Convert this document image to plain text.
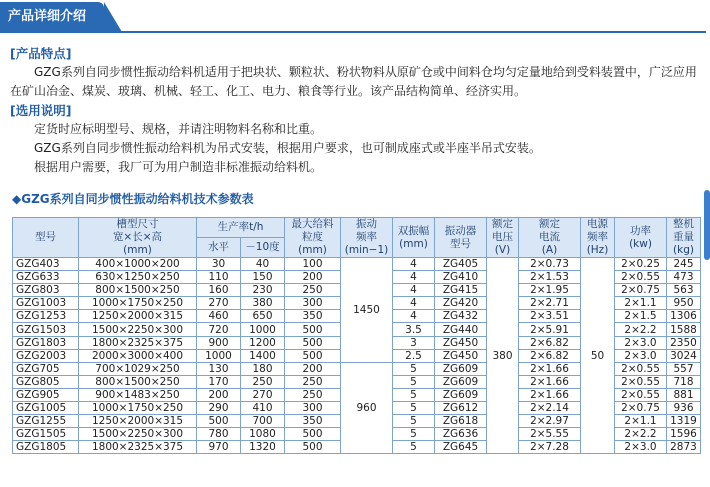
产品详细介绍
[产品特点]
GZG系列自同步惯性振动给料机适用于把块状、颗粒状、粉状物料从原矿仓或中间料仓均匀定量地给到受料装置中，广泛应用在矿山冶金、煤炭、玻璃、机械、轻工、化工、电力、粮食等行业。该产品结构简单、经济实用。
[选用说明]
定货时应标明型号、规格，并请注明物料名称和比重。
GZG系列自同步惯性振动给料机为吊式安装，根据用户要求，也可制成座式或半座半吊式安装。
根据用户需要，我厂可为用户制造非标准振动给料机。
◆GZG系列自同步惯性振动给料机技术参数表
型号	槽型尺寸
宽×长×高
(mm)	生产率t/h		最大给料
粒度
(mm)	振动
频率
(min−1)	双振幅
(mm)	振动器
型号	额定
电压
(V)	额定
电流
(A)	电源
频率
(Hz)	功率
(kw)	整机
重量
(kg)
		水平	－10度									
GZG403	400×1000×200	30	40	100	1450	4	ZG405	380	2×0.73	50	2×0.25	245
GZG633	630×1250×250	110	150	200		4	ZG410		2×1.53		2×0.55	473
GZG803	800×1500×250	160	230	250		4	ZG415		2×1.95		2×0.75	563
GZG1003	1000×1750×250	270	380	300		4	ZG420		2×2.71		2×1.1	950
GZG1253	1250×2000×315	460	650	350		4	ZG432		2×3.51		2×1.5	1306
GZG1503	1500×2250×300	720	1000	500		3.5	ZG440		2×5.91		2×2.2	1588
GZG1803	1800×2325×375	900	1200	500		3	ZG450		2×6.82		2×3.0	2350
GZG2003	2000×3000×400	1000	1400	500		2.5	ZG450		2×6.82		2×3.0	3024
GZG705	700×1029×250	130	180	200	960	5	ZG609		2×1.66		2×0.55	557
GZG805	800×1500×250	170	250	250		5	ZG609		2×1.66		2×0.55	718
GZG905	900×1483×250	200	270	250		5	ZG609		2×1.66		2×0.55	881
GZG1005	1000×1750×250	290	410	300		5	ZG612		2×2.14		2×0.75	936
GZG1255	1250×2000×315	500	700	350		5	ZG618		2×2.97		2×1.1	1319
GZG1505	1500×2250×300	780	1080	500		5	ZG636		2×5.55		2×2.2	1596
GZG1805	1800×2325×375	970	1320	500		5	ZG645		2×7.28		2×3.0	2873
